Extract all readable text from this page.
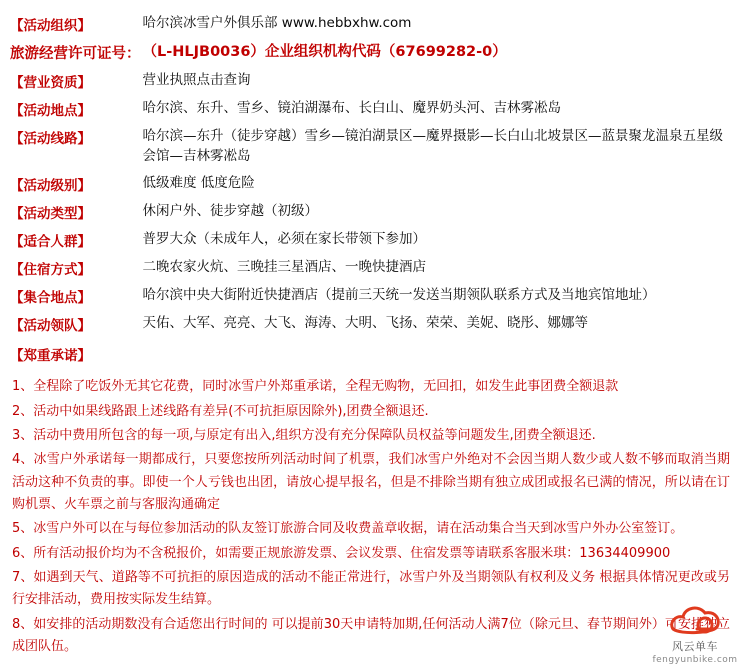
【活动组织】	哈尔滨冰雪户外俱乐部 www.hebbxhw.com
旅游经营许可证号：	（L-HLJB0036）企业组织机构代码（67699282-0）
【营业资质】	营业执照点击查询
【活动地点】	哈尔滨、东升、雪乡、镜泊湖瀑布、长白山、魔界奶头河、吉林雾凇岛
【活动线路】	哈尔滨—东升（徒步穿越）雪乡—镜泊湖景区—魔界摄影—长白山北坡景区—蓝景聚龙温泉五星级会馆—吉林雾凇岛
【活动级别】	低级难度 低度危险
【活动类型】	休闲户外、徒步穿越（初级）
【适合人群】	普罗大众（未成年人，必须在家长带领下参加）
【住宿方式】	二晚农家火炕、三晚挂三星酒店、一晚快捷酒店
【集合地点】	哈尔滨中央大街附近快捷酒店（提前三天统一发送当期领队联系方式及当地宾馆地址）
【活动领队】	天佑、大军、亮亮、大飞、海涛、大明、飞扬、荣荣、美妮、晓彤、娜娜等
【郑重承诺】
1、全程除了吃饭外无其它花费，同时冰雪户外郑重承诺，全程无购物，无回扣，如发生此事团费全额退款
2、活动中如果线路跟上述线路有差异(不可抗拒原因除外),团费全额退还.
3、活动中费用所包含的每一项,与原定有出入,组织方没有充分保障队员权益等问题发生,团费全额退还.
4、冰雪户外承诺每一期都成行，只要您按所列活动时间了机票，我们冰雪户外绝对不会因当期人数少或人数不够而取消当期活动这种不负责的事。即使一个人亏钱也出团，请放心提早报名，但是不排除当期有独立成团或报名已满的情况，所以请在订购机票、火车票之前与客服沟通确定
5、冰雪户外可以在与每位参加活动的队友签订旅游合同及收费盖章收据，请在活动集合当天到冰雪户外办公室签订。
6、所有活动报价均为不含税报价，如需要正规旅游发票、会议发票、住宿发票等请联系客服米琪：13634409900
7、如遇到天气、道路等不可抗拒的原因造成的活动不能正常进行，冰雪户外及当期领队有权利及义务 根据具体情况更改或另行安排活动，费用按实际发生结算。
8、如安排的活动期数没有合适您出行时间的 可以提前30天申请特加期,任何活动人满7位（除元旦、春节期间外）可安排独立成团队伍。	风云单车
fengyunbike.com
